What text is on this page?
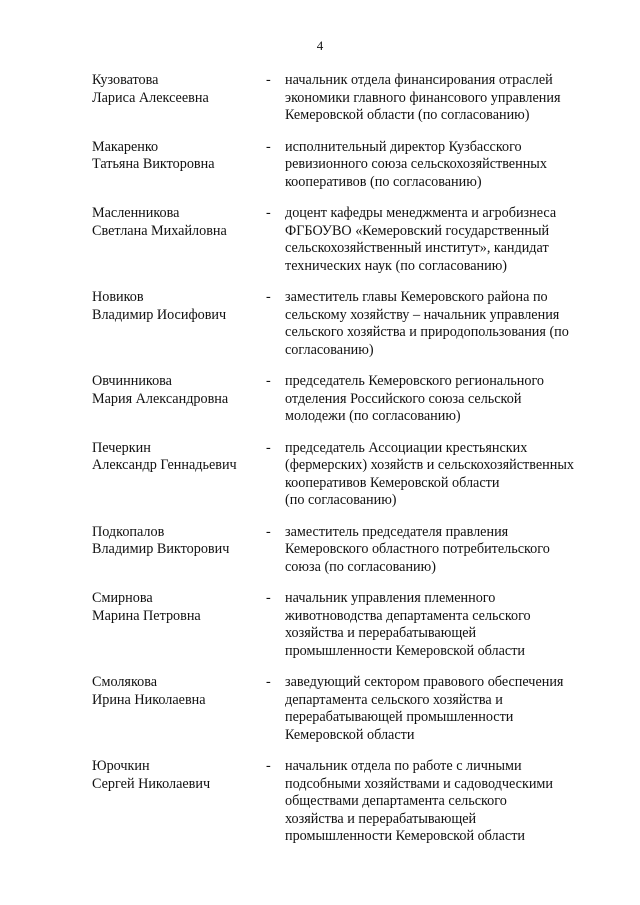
4
Кузоватова
Лариса Алексеевна
-	начальник отдела финансирования отраслей
экономики главного финансового управления
Кемеровской области (по согласованию)
Макаренко
Татьяна Викторовна
-	исполнительный директор Кузбасского
ревизионного союза сельскохозяйственных
кооперативов (по согласованию)
Масленникова
Светлана Михайловна
-	доцент кафедры менеджмента и агробизнеса
ФГБОУВО «Кемеровский государственный
сельскохозяйственный институт», кандидат
технических наук (по согласованию)
Новиков
Владимир Иосифович
-	заместитель главы Кемеровского района по
сельскому хозяйству – начальник управления
сельского хозяйства и природопользования (по
согласованию)
Овчинникова
Мария Александровна
-	председатель Кемеровского регионального
отделения Российского союза сельской
молодежи (по согласованию)
Печеркин
Александр Геннадьевич
-	председатель Ассоциации крестьянских
(фермерских) хозяйств и сельскохозяйственных
кооперативов Кемеровской области
(по согласованию)
Подкопалов
Владимир Викторович
-	заместитель председателя правления
Кемеровского областного потребительского
союза (по согласованию)
Смирнова
Марина Петровна
-	начальник управления племенного
животноводства департамента сельского
хозяйства и перерабатывающей
промышленности Кемеровской области
Смолякова
Ирина Николаевна
-	заведующий сектором правового обеспечения
департамента сельского хозяйства и
перерабатывающей промышленности
Кемеровской области
Юрочкин
Сергей Николаевич
-	начальник отдела по работе с личными
подсобными хозяйствами и садоводческими
обществами департамента сельского
хозяйства и перерабатывающей
промышленности Кемеровской области
